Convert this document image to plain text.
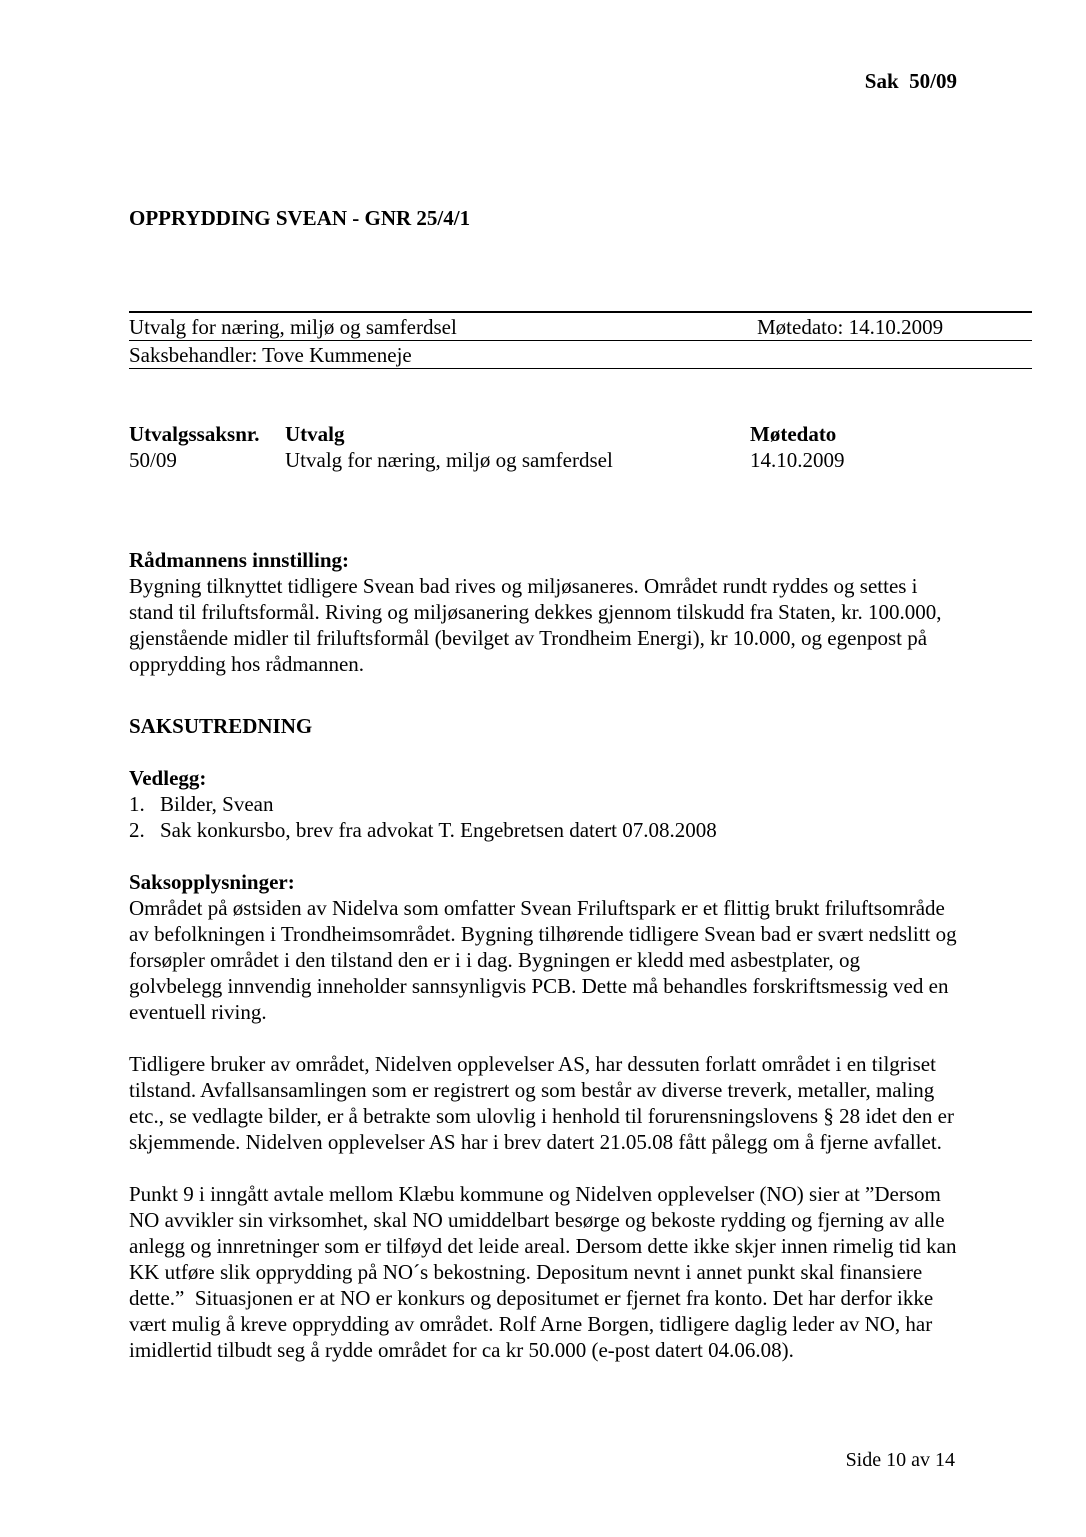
Sak  50/09
OPPRYDDING SVEAN - GNR 25/4/1
Utvalg for næring, miljø og samferdsel	Møtedato: 14.10.2009
Saksbehandler: Tove Kummeneje
Utvalgssaksnr.	Utvalg	Møtedato
50/09	Utvalg for næring, miljø og samferdsel	14.10.2009
Rådmannens innstilling:

Bygning tilknyttet tidligere Svean bad rives og miljøsaneres. Området rundt ryddes og settes i stand til friluftsformål. Riving og miljøsanering dekkes gjennom tilskudd fra Staten, kr. 100.000, gjenstående midler til friluftsformål (bevilget av Trondheim Energi), kr 10.000, og egenpost på opprydding hos rådmannen.

SAKSUTREDNING
Vedlegg:
1. Bilder, Svean
2. Sak konkursbo, brev fra advokat T. Engebretsen datert 07.08.2008
Saksopplysninger:

Området på østsiden av Nidelva som omfatter Svean Friluftspark er et flittig brukt friluftsområde av befolkningen i Trondheimsområdet. Bygning tilhørende tidligere Svean bad er svært nedslitt og forsøpler området i den tilstand den er i i dag. Bygningen er kledd med asbestplater, og golvbelegg innvendig inneholder sannsynligvis PCB. Dette må behandles forskriftsmessig ved en eventuell riving.

Tidligere bruker av området, Nidelven opplevelser AS, har dessuten forlatt området i en tilgriset tilstand. Avfallsansamlingen som er registrert og som består av diverse treverk, metaller, maling etc., se vedlagte bilder, er å betrakte som ulovlig i henhold til forurensningslovens § 28 idet den er skjemmende. Nidelven opplevelser AS har i brev datert 21.05.08 fått pålegg om å fjerne avfallet.

Punkt 9 i inngått avtale mellom Klæbu kommune og Nidelven opplevelser (NO) sier at ”Dersom NO avvikler sin virksomhet, skal NO umiddelbart besørge og bekoste rydding og fjerning av alle anlegg og innretninger som er tilføyd det leide areal. Dersom dette ikke skjer innen rimelig tid kan KK utføre slik opprydding på NO´s bekostning. Depositum nevnt i annet punkt skal finansiere dette.”  Situasjonen er at NO er konkurs og depositumet er fjernet fra konto. Det har derfor ikke vært mulig å kreve opprydding av området. Rolf Arne Borgen, tidligere daglig leder av NO, har imidlertid tilbudt seg å rydde området for ca kr 50.000 (e-post datert 04.06.08).

Side 10 av 14
